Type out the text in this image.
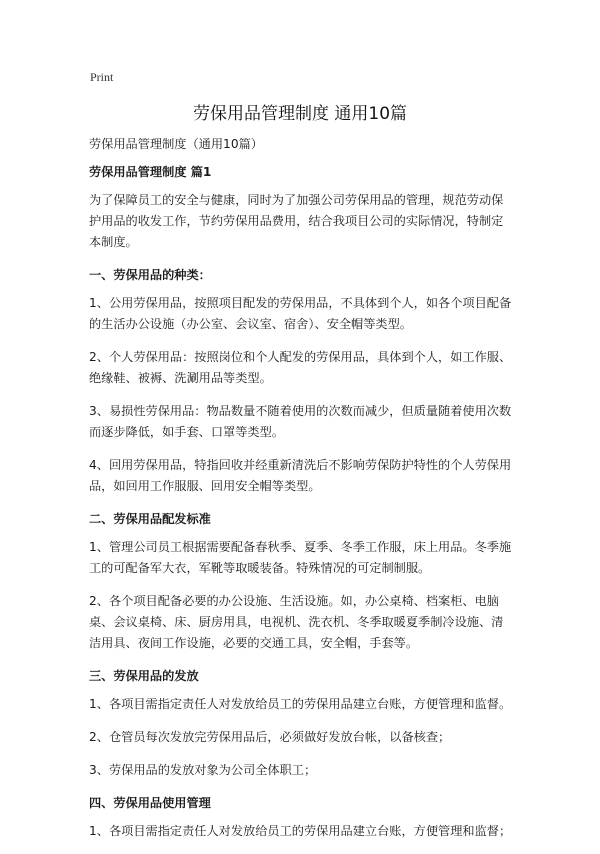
Print
劳保用品管理制度 通用10篇

劳保用品管理制度（通用10篇）

劳保用品管理制度 篇1

为了保障员工的安全与健康，同时为了加强公司劳保用品的管理，规范劳动保护用品的收发工作，节约劳保用品费用，结合我项目公司的实际情况，特制定本制度。

一、劳保用品的种类：

1、公用劳保用品，按照项目配发的劳保用品，不具体到个人，如各个项目配备的生活办公设施（办公室、会议室、宿舍）、安全帽等类型。

2、个人劳保用品：按照岗位和个人配发的劳保用品，具体到个人，如工作服、绝缘鞋、被褥、洗涮用品等类型。

3、易损性劳保用品：物品数量不随着使用的次数而减少，但质量随着使用次数而逐步降低，如手套、口罩等类型。

4、回用劳保用品，特指回收并经重新清洗后不影响劳保防护特性的个人劳保用品，如回用工作服服、回用安全帽等类型。

二、劳保用品配发标准

1、管理公司员工根据需要配备春秋季、夏季、冬季工作服，床上用品。冬季施工的可配备军大衣，军靴等取暖装备。特殊情况的可定制制服。

2、各个项目配备必要的办公设施、生活设施。如，办公桌椅、档案柜、电脑桌、会议桌椅、床、厨房用具，电视机、洗衣机、冬季取暖夏季制冷设施、清洁用具、夜间工作设施，必要的交通工具，安全帽，手套等。

三、劳保用品的发放

1、各项目需指定责任人对发放给员工的劳保用品建立台账，方便管理和监督。

2、仓管员每次发放完劳保用品后，必须做好发放台帐，以备核查；

3、劳保用品的发放对象为公司全体职工；

四、劳保用品使用管理

1、各项目需指定责任人对发放给员工的劳保用品建立台账，方便管理和监督；
